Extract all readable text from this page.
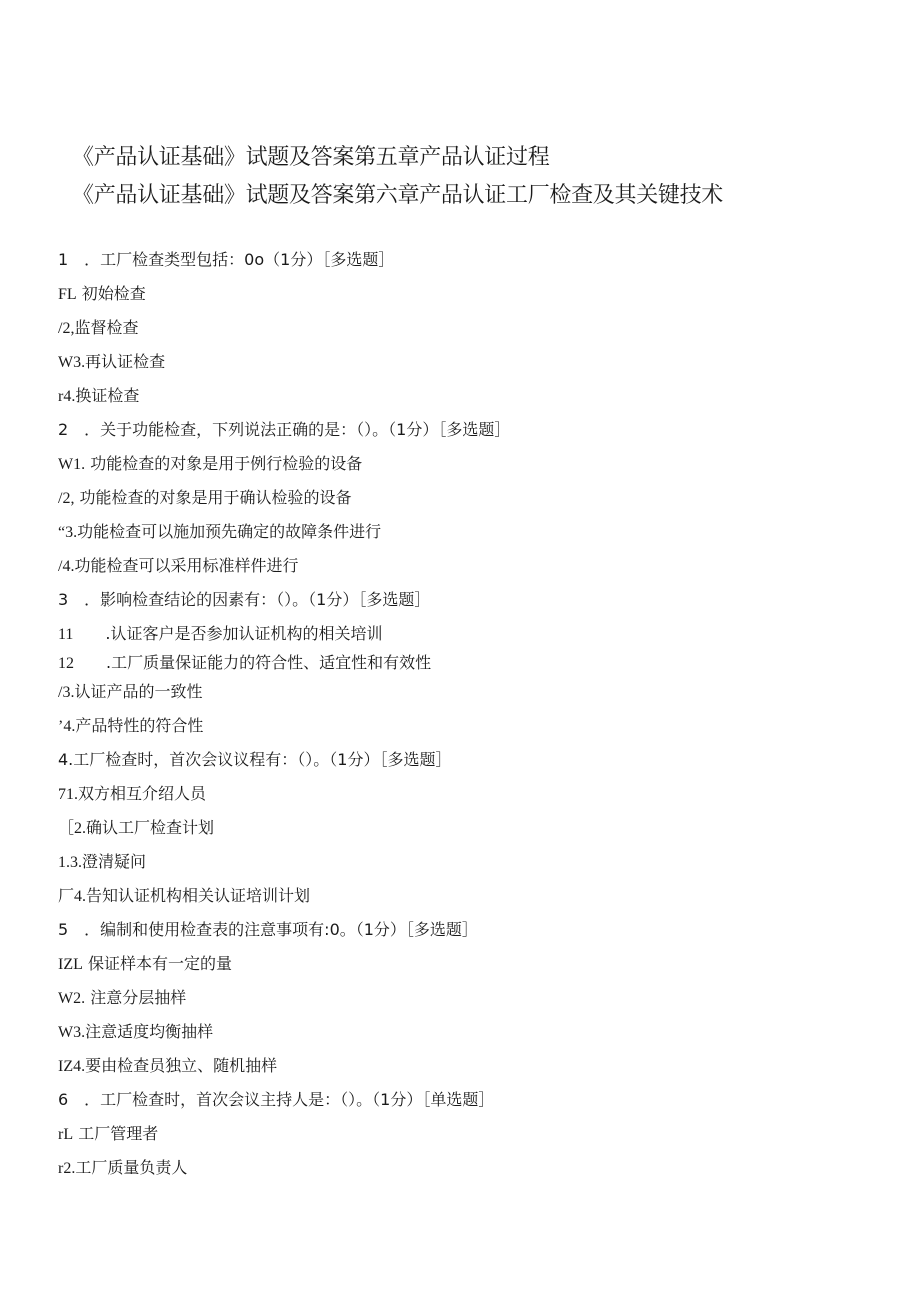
《产品认证基础》试题及答案第五章产品认证过程
《产品认证基础》试题及答案第六章产品认证工厂检查及其关键技术
1　．工厂检查类型包括：0o（1分）［多选题］
FL 初始检查
/2,监督检查
W3.再认证检查
r4.换证检查
2　．关于功能检查，下列说法正确的是：（）。（1分）［多选题］
W1. 功能检查的对象是用于例行检验的设备
/2, 功能检查的对象是用于确认检验的设备
“3.功能检查可以施加预先确定的故障条件进行
/4.功能检查可以采用标准样件进行
3　．影响检查结论的因素有：（）。（1分）［多选题］
11　　.认证客户是否参加认证机构的相关培训
12　　.工厂质量保证能力的符合性、适宜性和有效性
/3.认证产品的一致性
’4.产品特性的符合性
4.工厂检查时，首次会议议程有：（）。（1分）［多选题］
71.双方相互介绍人员
［2.确认工厂检查计划
1.3.澄清疑问
厂4.告知认证机构相关认证培训计划
5　．编制和使用检查表的注意事项有:0。（1分）［多选题］
IZL 保证样本有一定的量
W2. 注意分层抽样
W3.注意适度均衡抽样
IZ4.要由检查员独立、随机抽样
6　．工厂检查时，首次会议主持人是：（）。（1分）［单选题］
rL 工厂管理者
r2.工厂质量负责人
